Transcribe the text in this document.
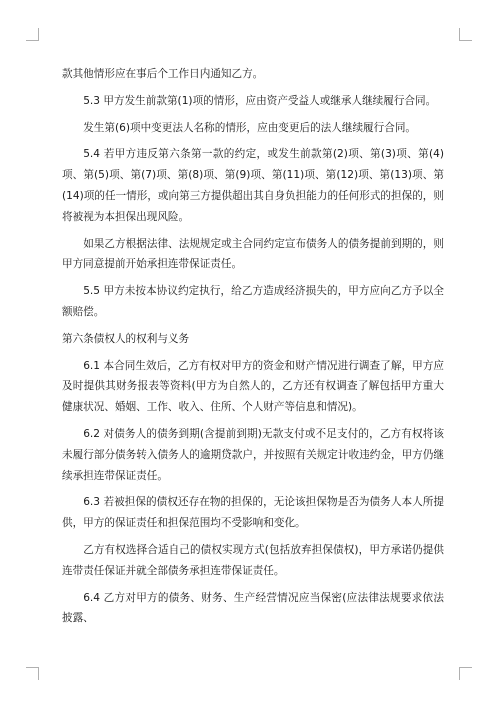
款其他情形应在事后个工作日内通知乙方。

5.3 甲方发生前款第(1)项的情形，应由资产受益人或继承人继续履行合同。

发生第(6)项中变更法人名称的情形，应由变更后的法人继续履行合同。

5.4 若甲方违反第六条第一款的约定，或发生前款第(2)项、第(3)项、第(4)项、第(5)项、第(7)项、第(8)项、第(9)项、第(11)项、第(12)项、第(13)项、第(14)项的任一情形，或向第三方提供超出其自身负担能力的任何形式的担保的，则将被视为本担保出现风险。

如果乙方根据法律、法规规定或主合同约定宣布债务人的债务提前到期的，则甲方同意提前开始承担连带保证责任。

5.5 甲方未按本协议约定执行，给乙方造成经济损失的，甲方应向乙方予以全额赔偿。

第六条债权人的权利与义务

6.1 本合同生效后，乙方有权对甲方的资金和财产情况进行调查了解，甲方应及时提供其财务报表等资料(甲方为自然人的，乙方还有权调查了解包括甲方重大健康状况、婚姻、工作、收入、住所、个人财产等信息和情况)。

6.2 对债务人的债务到期(含提前到期)无款支付或不足支付的，乙方有权将该未履行部分债务转入债务人的逾期贷款户，并按照有关规定计收违约金，甲方仍继续承担连带保证责任。

6.3 若被担保的债权还存在物的担保的，无论该担保物是否为债务人本人所提供，甲方的保证责任和担保范围均不受影响和变化。

乙方有权选择合适自己的债权实现方式(包括放弃担保债权)，甲方承诺仍提供连带责任保证并就全部债务承担连带保证责任。

6.4 乙方对甲方的债务、财务、生产经营情况应当保密(应法律法规要求依法披露、
